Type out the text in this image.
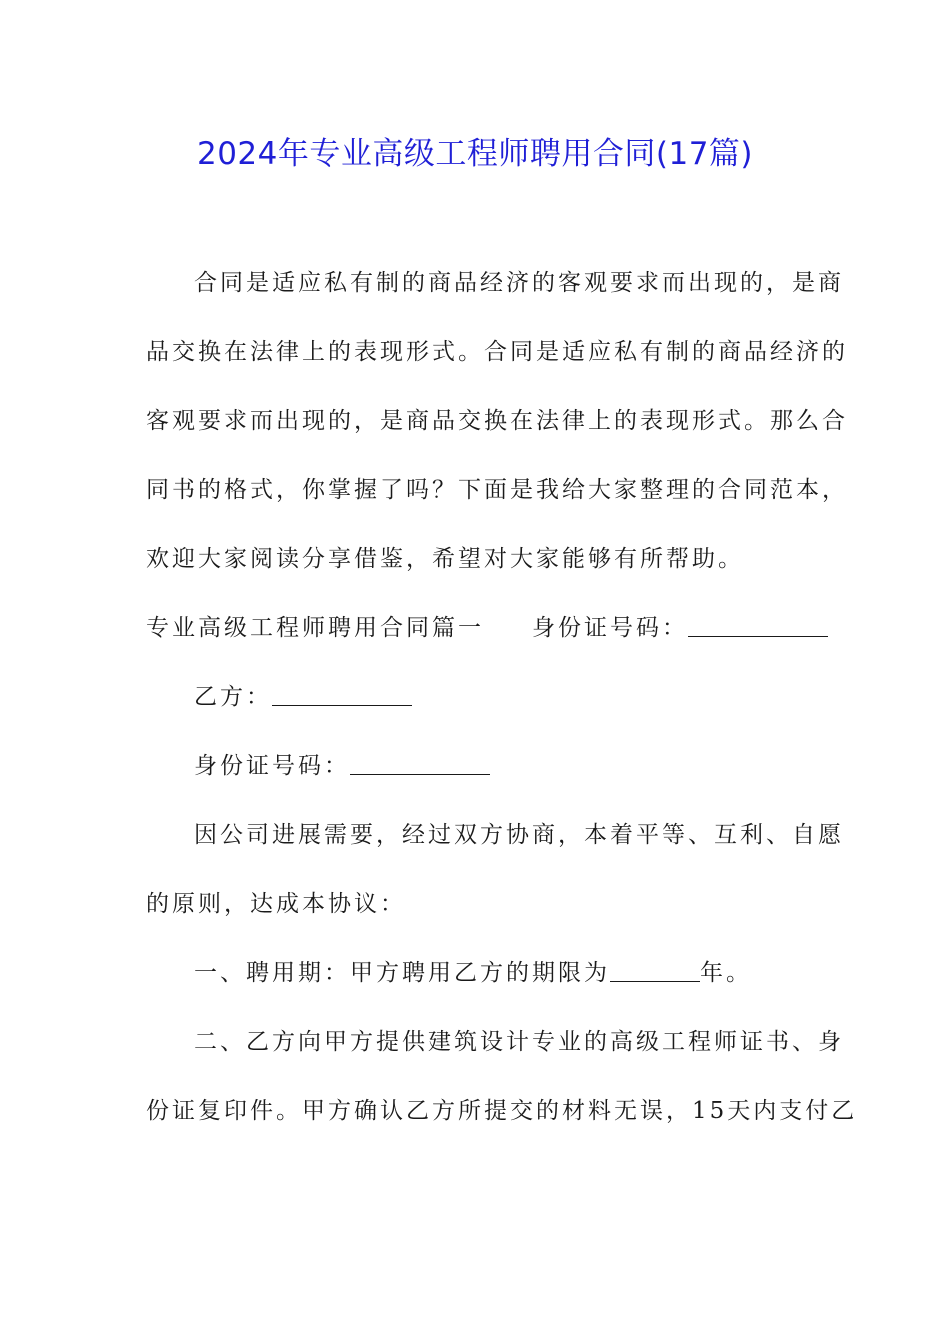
2024年专业高级工程师聘用合同(17篇)
合同是适应私有制的商品经济的客观要求而出现的，是商
品交换在法律上的表现形式。合同是适应私有制的商品经济的
客观要求而出现的，是商品交换在法律上的表现形式。那么合
同书的格式，你掌握了吗？下面是我给大家整理的合同范本，
欢迎大家阅读分享借鉴，希望对大家能够有所帮助。
专业高级工程师聘用合同篇一 身份证号码：
乙方：
身份证号码：
因公司进展需要，经过双方协商，本着平等、互利、自愿
的原则，达成本协议：
一、聘用期：甲方聘用乙方的期限为	年。
二、乙方向甲方提供建筑设计专业的高级工程师证书、身
份证复印件。甲方确认乙方所提交的材料无误，15天内支付乙
